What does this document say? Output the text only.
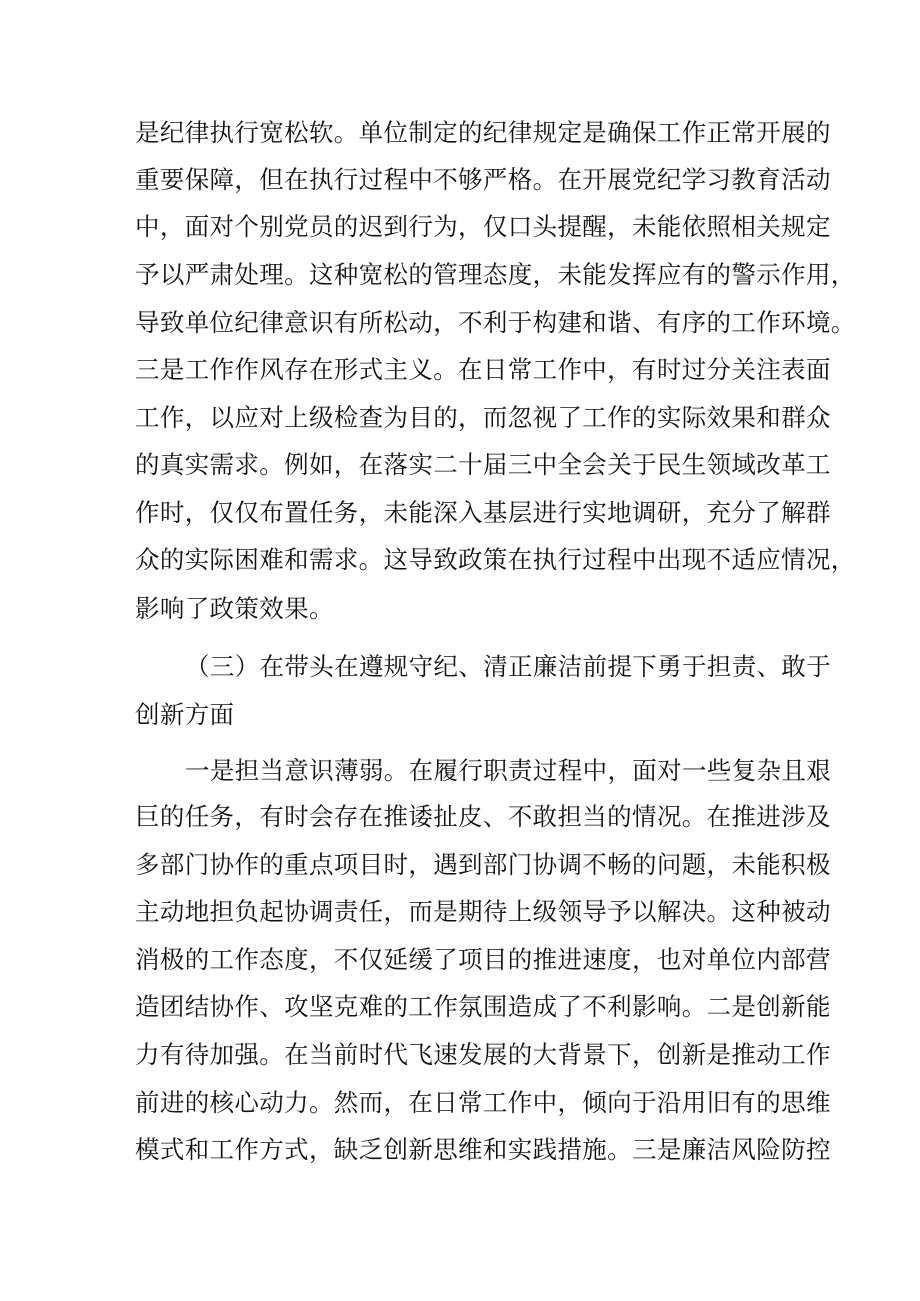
是纪律执行宽松软。单位制定的纪律规定是确保工作正常开展的
重要保障，但在执行过程中不够严格。在开展党纪学习教育活动
中，面对个别党员的迟到行为，仅口头提醒，未能依照相关规定
予以严肃处理。这种宽松的管理态度，未能发挥应有的警示作用，
导致单位纪律意识有所松动，不利于构建和谐、有序的工作环境。
三是工作作风存在形式主义。在日常工作中，有时过分关注表面
工作，以应对上级检查为目的，而忽视了工作的实际效果和群众
的真实需求。例如，在落实二十届三中全会关于民生领域改革工
作时，仅仅布置任务，未能深入基层进行实地调研，充分了解群
众的实际困难和需求。这导致政策在执行过程中出现不适应情况，
影响了政策效果。
（三）在带头在遵规守纪、清正廉洁前提下勇于担责、敢于
创新方面
一是担当意识薄弱。在履行职责过程中，面对一些复杂且艰
巨的任务，有时会存在推诿扯皮、不敢担当的情况。在推进涉及
多部门协作的重点项目时，遇到部门协调不畅的问题，未能积极
主动地担负起协调责任，而是期待上级领导予以解决。这种被动
消极的工作态度，不仅延缓了项目的推进速度，也对单位内部营
造团结协作、攻坚克难的工作氛围造成了不利影响。二是创新能
力有待加强。在当前时代飞速发展的大背景下，创新是推动工作
前进的核心动力。然而，在日常工作中，倾向于沿用旧有的思维
模式和工作方式，缺乏创新思维和实践措施。三是廉洁风险防控
